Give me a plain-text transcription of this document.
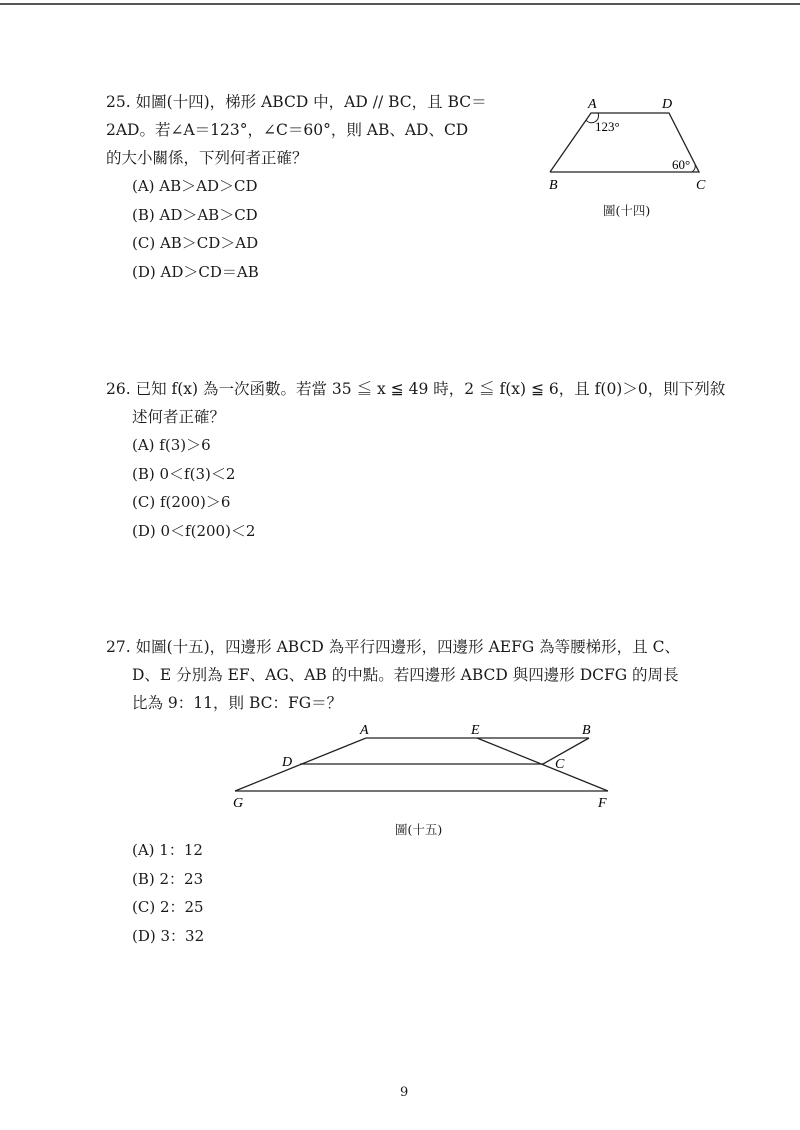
25. 如圖(十四)，梯形 ABCD 中，AD // BC，且 BC＝
2AD。若∠A＝123°，∠C＝60°，則 AB、AD、CD
的大小關係，下列何者正確？
(A) AB＞AD＞CD
(B) AD＞AB＞CD
(C) AB＞CD＞AD
(D) AD＞CD＝AB
A	D
B	C
123°
60°
圖(十四)
26. 已知 f(x) 為一次函數。若當 35 ≦ x ≦ 49 時，2 ≦ f(x) ≦ 6，且 f(0)＞0，則下列敘
述何者正確？
(A) f(3)＞6
(B) 0＜f(3)＜2
(C) f(200)＞6
(D) 0＜f(200)＜2
27. 如圖(十五)，四邊形 ABCD 為平行四邊形，四邊形 AEFG 為等腰梯形，且 C、
D、E 分別為 EF、AG、AB 的中點。若四邊形 ABCD 與四邊形 DCFG 的周長
比為 9：11，則 BC：FG＝？
A	E	B
D	C
G	F
圖(十五)
(A) 1：12
(B) 2：23
(C) 2：25
(D) 3：32
9
